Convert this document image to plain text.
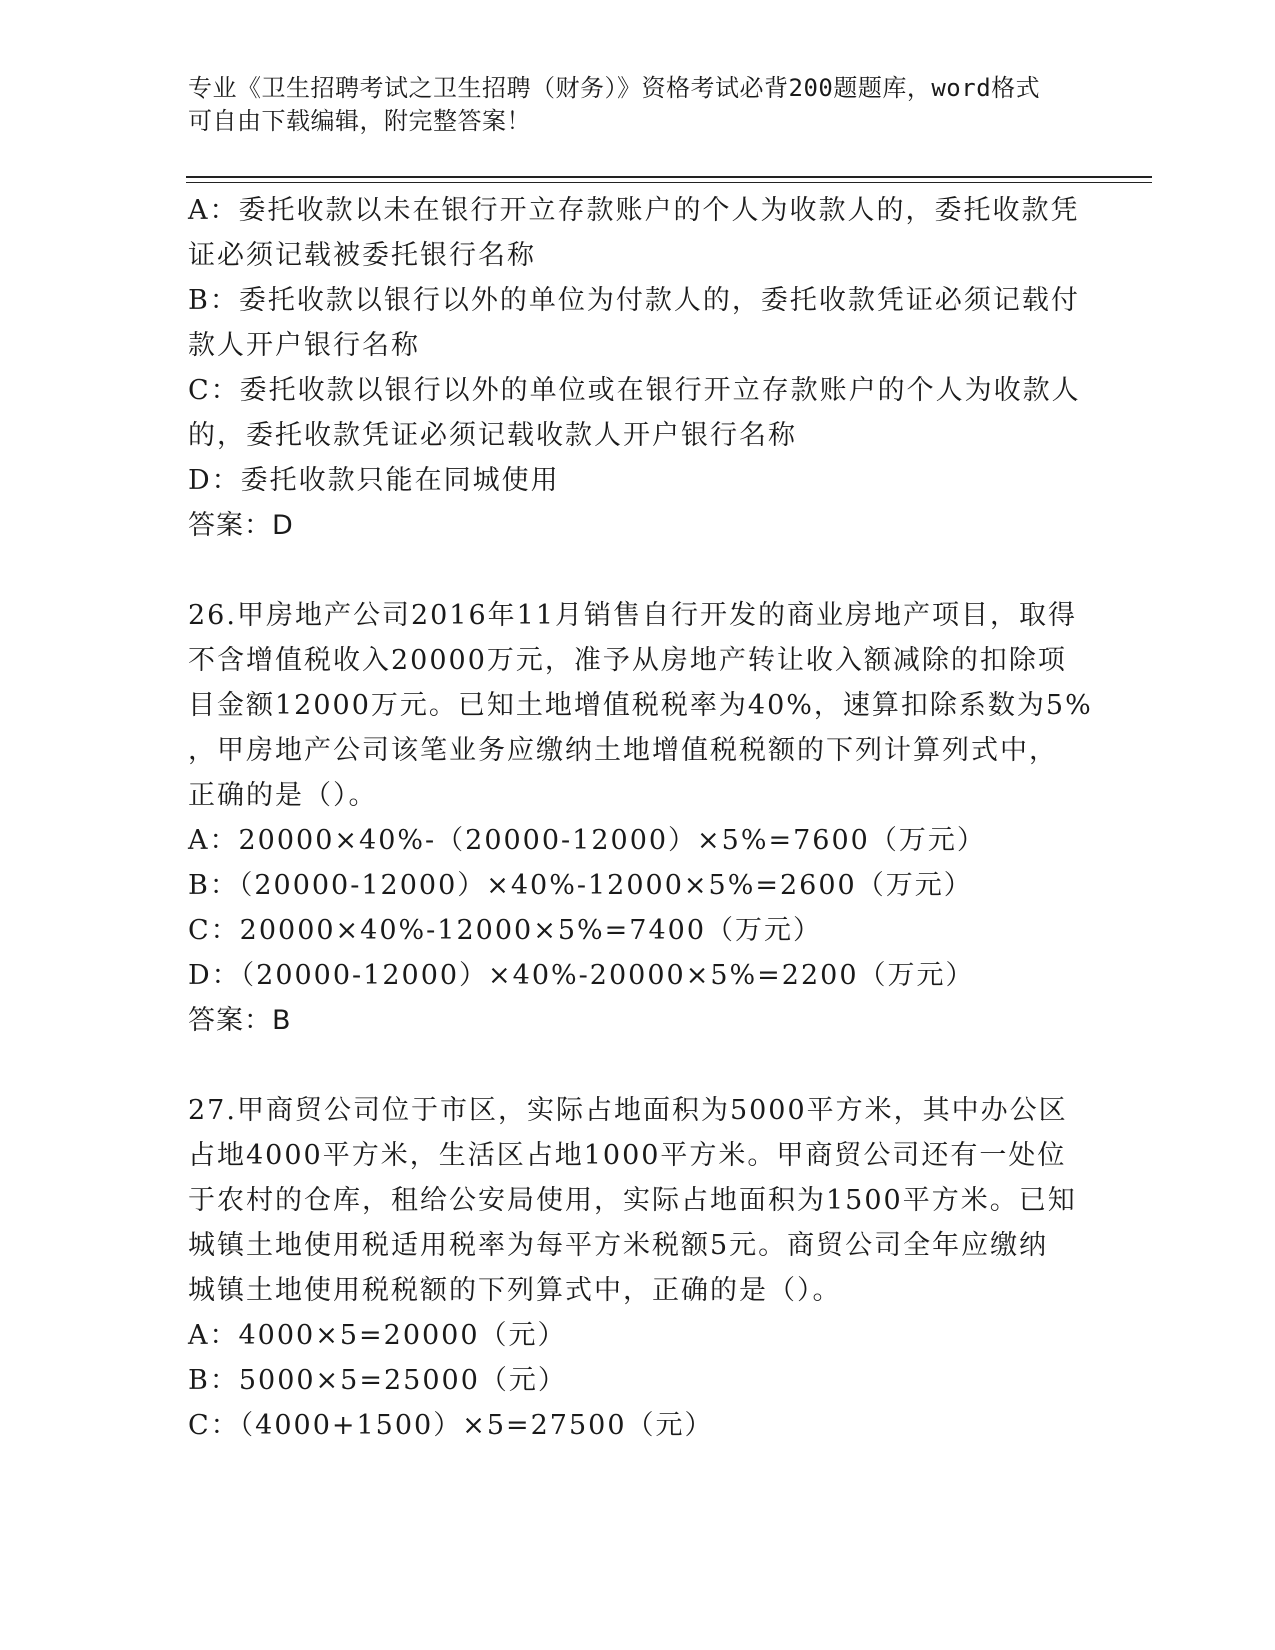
专业《卫生招聘考试之卫生招聘（财务）》资格考试必背200题题库，word格式
可自由下载编辑，附完整答案！
A：委托收款以未在银行开立存款账户的个人为收款人的，委托收款凭
证必须记载被委托银行名称
B：委托收款以银行以外的单位为付款人的，委托收款凭证必须记载付
款人开户银行名称
C：委托收款以银行以外的单位或在银行开立存款账户的个人为收款人
的，委托收款凭证必须记载收款人开户银行名称
D：委托收款只能在同城使用
答案：D
26.甲房地产公司2016年11月销售自行开发的商业房地产项目，取得
不含增值税收入20000万元，准予从房地产转让收入额减除的扣除项
目金额12000万元。已知土地增值税税率为40%，速算扣除系数为5%
，甲房地产公司该笔业务应缴纳土地增值税税额的下列计算列式中，
正确的是（）。
A：20000×40%-（20000-12000）×5%=7600（万元）
B：（20000-12000）×40%-12000×5%=2600（万元）
C：20000×40%-12000×5%=7400（万元）
D：（20000-12000）×40%-20000×5%=2200（万元）
答案：B
27.甲商贸公司位于市区，实际占地面积为5000平方米，其中办公区
占地4000平方米，生活区占地1000平方米。甲商贸公司还有一处位
于农村的仓库，租给公安局使用，实际占地面积为1500平方米。已知
城镇土地使用税适用税率为每平方米税额5元。商贸公司全年应缴纳
城镇土地使用税税额的下列算式中，正确的是（）。
A：4000×5=20000（元）
B：5000×5=25000（元）
C：（4000+1500）×5=27500（元）
